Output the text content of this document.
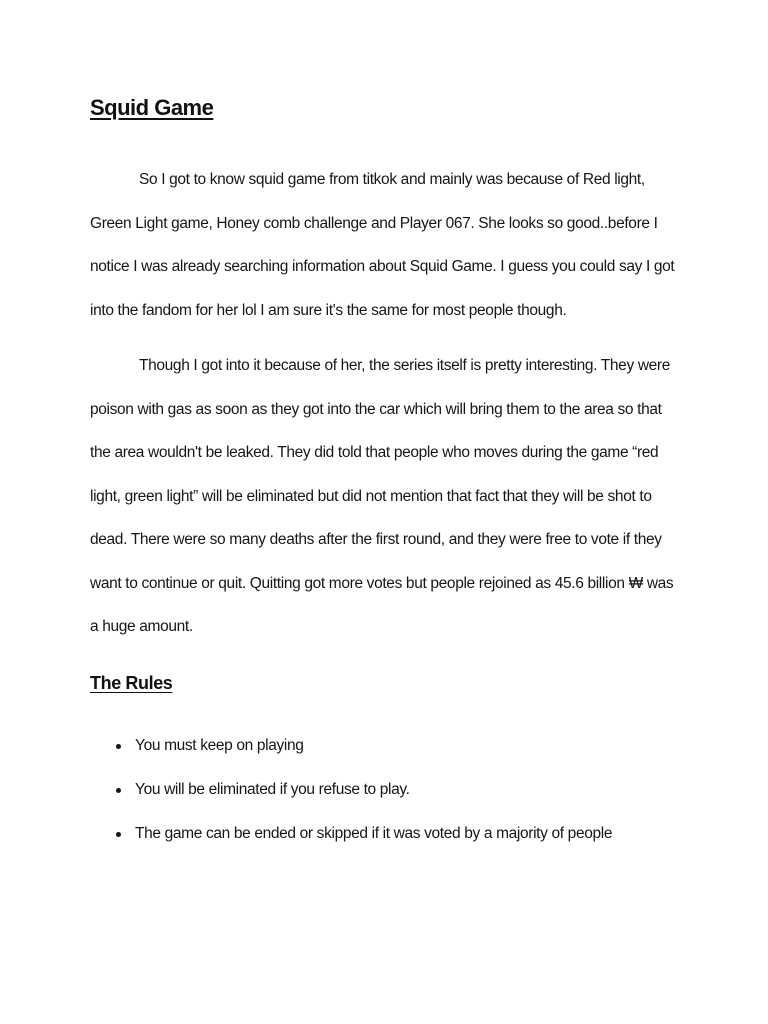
Squid Game

So I got to know squid game from titkok and mainly was because of Red light, Green Light game, Honey comb challenge and Player 067. She looks so good..before I notice I was already searching information about Squid Game. I guess you could say I got into the fandom for her lol I am sure it's the same for most people though.

Though I got into it because of her, the series itself is pretty interesting. They were poison with gas as soon as they got into the car which will bring them to the area so that the area wouldn't be leaked. They did told that people who moves during the game “red light, green light” will be eliminated but did not mention that fact that they will be shot to dead. There were so many deaths after the first round, and they were free to vote if they want to continue or quit. Quitting got more votes but people rejoined as 45.6 billion ₩ was a huge amount.

The Rules
You must keep on playing
You will be eliminated if you refuse to play.
The game can be ended or skipped if it was voted by a majority of people
